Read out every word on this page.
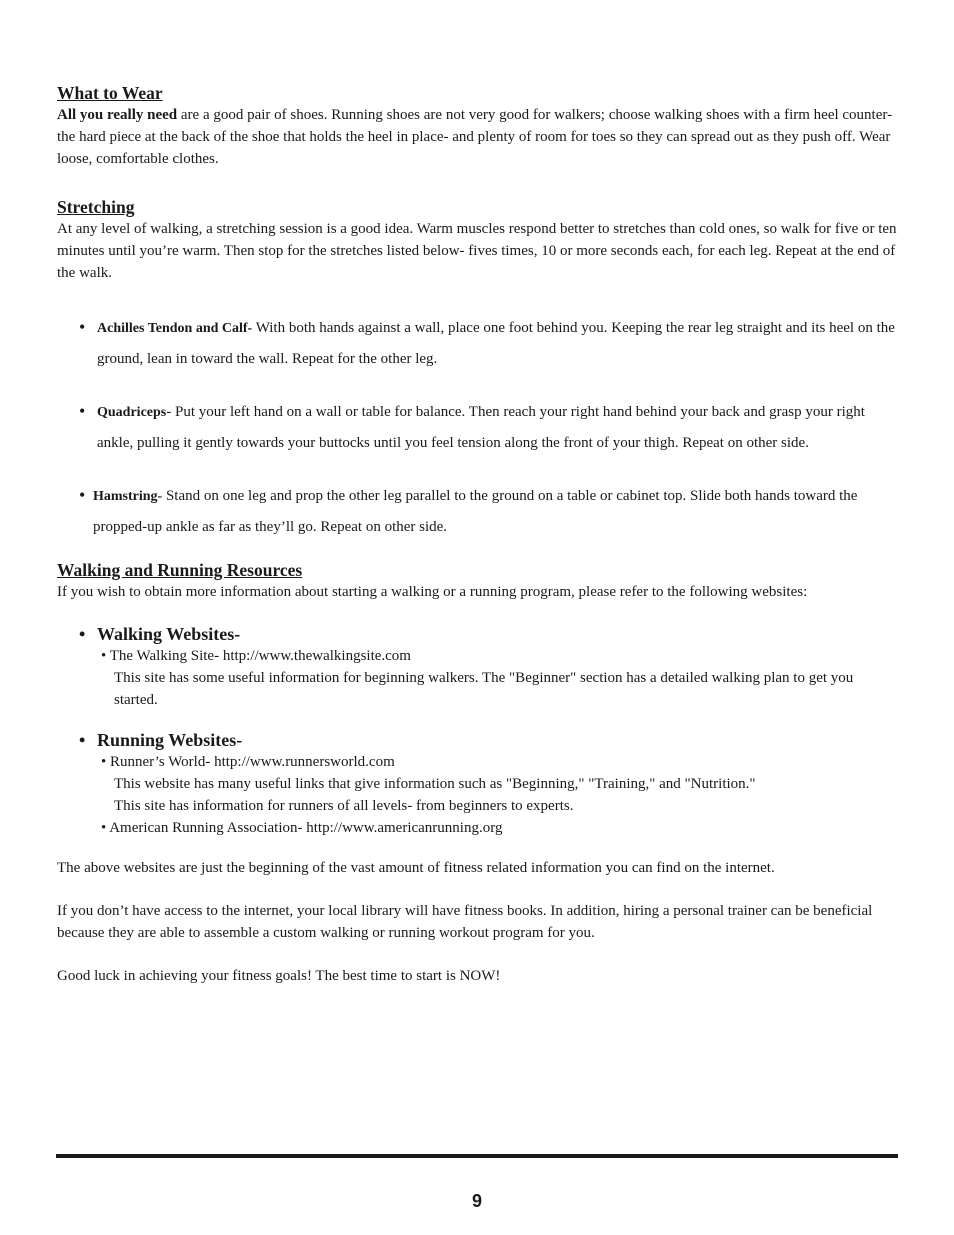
What to Wear

All you really need are a good pair of shoes. Running shoes are not very good for walkers; choose walking shoes with a firm heel counter- the hard piece at the back of the shoe that holds the heel in place- and plenty of room for toes so they can spread out as they push off. Wear loose, comfortable clothes.

Stretching

At any level of walking, a stretching session is a good idea. Warm muscles respond better to stretches than cold ones, so walk for five or ten minutes until you’re warm. Then stop for the stretches listed below- fives times, 10 or more seconds each, for each leg. Repeat at the end of the walk.

• Achilles Tendon and Calf- With both hands against a wall, place one foot behind you. Keeping the rear leg straight and its heel on the ground, lean in toward the wall. Repeat for the other leg.
• Quadriceps- Put your left hand on a wall or table for balance. Then reach your right hand behind your back and grasp your right ankle, pulling it gently towards your buttocks until you feel tension along the front of your thigh. Repeat on other side.
• Hamstring- Stand on one leg and prop the other leg parallel to the ground on a table or cabinet top. Slide both hands toward the propped-up ankle as far as they’ll go. Repeat on other side.
Walking and Running Resources

If you wish to obtain more information about starting a walking or a running program, please refer to the following websites:

• Walking Websites-
• The Walking Site- http://www.thewalkingsite.com
This site has some useful information for beginning walkers. The "Beginner" section has a detailed walking plan to get you started.
• Running Websites-
• Runner’s World- http://www.runnersworld.com
This website has many useful links that give information such as "Beginning," "Training," and "Nutrition."
This site has information for runners of all levels- from beginners to experts.
• American Running Association- http://www.americanrunning.org

The above websites are just the beginning of the vast amount of fitness related information you can find on the internet.

If you don’t have access to the internet, your local library will have fitness books. In addition, hiring a personal trainer can be beneficial because they are able to assemble a custom walking or running workout program for you.

Good luck in achieving your fitness goals! The best time to start is NOW!

9
